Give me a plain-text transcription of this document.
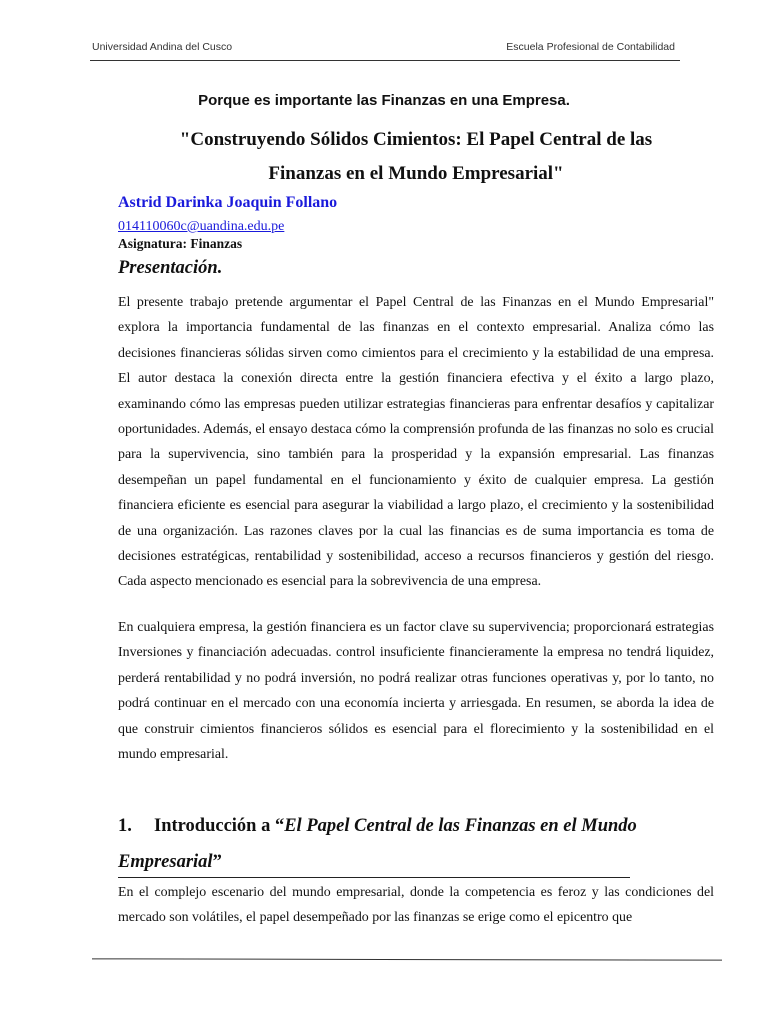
Universidad Andina del Cusco	Escuela Profesional de Contabilidad
Porque es importante las Finanzas en una Empresa.
"Construyendo Sólidos Cimientos: El Papel Central de las
Finanzas en el Mundo Empresarial"
Astrid Darinka Joaquin Follano
014110060c@uandina.edu.pe
Asignatura: Finanzas
Presentación.

El presente trabajo pretende argumentar el Papel Central de las Finanzas en el Mundo Empresarial" explora la importancia fundamental de las finanzas en el contexto empresarial. Analiza cómo las decisiones financieras sólidas sirven como cimientos para el crecimiento y la estabilidad de una empresa. El autor destaca la conexión directa entre la gestión financiera efectiva y el éxito a largo plazo, examinando cómo las empresas pueden utilizar estrategias financieras para enfrentar desafíos y capitalizar oportunidades. Además, el ensayo destaca cómo la comprensión profunda de las finanzas no solo es crucial para la supervivencia, sino también para la prosperidad y la expansión empresarial. Las finanzas desempeñan un papel fundamental en el funcionamiento y éxito de cualquier empresa. La gestión financiera eficiente es esencial para asegurar la viabilidad a largo plazo, el crecimiento y la sostenibilidad de una organización. Las razones claves por la cual las financias es de suma importancia es toma de decisiones estratégicas, rentabilidad y sostenibilidad, acceso a recursos financieros y gestión del riesgo. Cada aspecto mencionado es esencial para la sobrevivencia de una empresa.

En cualquiera empresa, la gestión financiera es un factor clave su supervivencia; proporcionará estrategias Inversiones y financiación adecuadas. control insuficiente financieramente la empresa no tendrá liquidez, perderá rentabilidad y no podrá inversión, no podrá realizar otras funciones operativas y, por lo tanto, no podrá continuar en el mercado con una economía incierta y arriesgada. En resumen, se aborda la idea de que construir cimientos financieros sólidos es esencial para el florecimiento y la sostenibilidad en el mundo empresarial.

1. Introducción a “El Papel Central de las Finanzas en el Mundo Empresarial”

En el complejo escenario del mundo empresarial, donde la competencia es feroz y las condiciones del mercado son volátiles, el papel desempeñado por las finanzas se erige como el epicentro que
